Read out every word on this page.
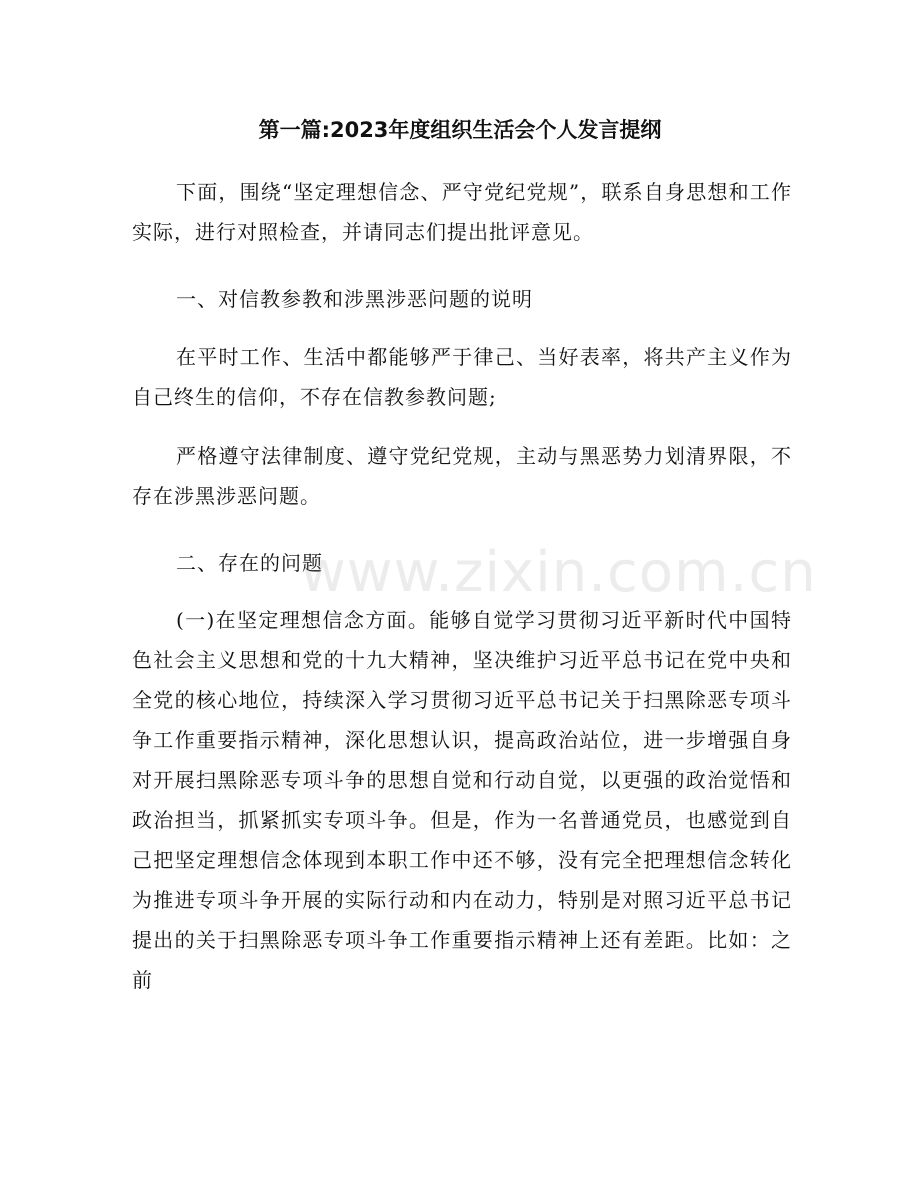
第一篇:2023年度组织生活会个人发言提纲

下面，围绕“坚定理想信念、严守党纪党规”，联系自身思想和工作实际，进行对照检查，并请同志们提出批评意见。

一、对信教参教和涉黑涉恶问题的说明

在平时工作、生活中都能够严于律己、当好表率，将共产主义作为自己终生的信仰，不存在信教参教问题;

严格遵守法律制度、遵守党纪党规，主动与黑恶势力划清界限，不存在涉黑涉恶问题。

二、存在的问题

(一)在坚定理想信念方面。能够自觉学习贯彻习近平新时代中国特色社会主义思想和党的十九大精神，坚决维护习近平总书记在党中央和全党的核心地位，持续深入学习贯彻习近平总书记关于扫黑除恶专项斗争工作重要指示精神，深化思想认识，提高政治站位，进一步增强自身对开展扫黑除恶专项斗争的思想自觉和行动自觉，以更强的政治觉悟和政治担当，抓紧抓实专项斗争。但是，作为一名普通党员，也感觉到自己把坚定理想信念体现到本职工作中还不够，没有完全把理想信念转化为推进专项斗争开展的实际行动和内在动力，特别是对照习近平总书记提出的关于扫黑除恶专项斗争工作重要指示精神上还有差距。比如：之前

www.zixin.com.cn
